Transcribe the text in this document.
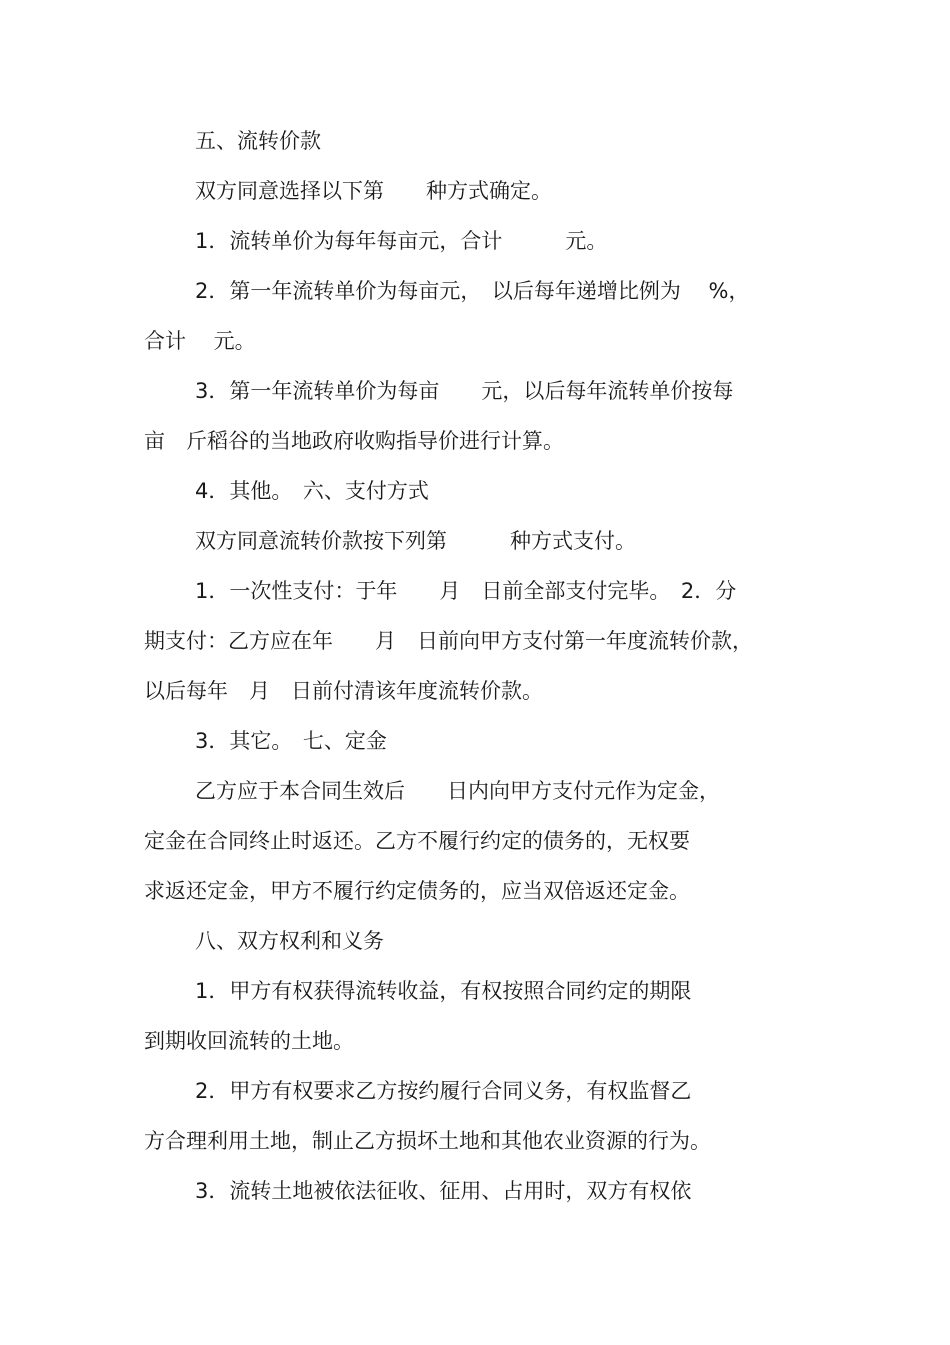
五、流转价款
双方同意选择以下第　　种方式确定。
1．流转单价为每年每亩元，合计　　　元。
2．第一年流转单价为每亩元，　以后每年递增比例为　 %，
合计　 元。
3．第一年流转单价为每亩　　元，以后每年流转单价按每
亩　斤稻谷的当地政府收购指导价进行计算。
4．其他。　六、支付方式
双方同意流转价款按下列第　　　种方式支付。
1．一次性支付：于年　　月　日前全部支付完毕。　2．分
期支付：乙方应在年　　月　日前向甲方支付第一年度流转价款，
以后每年　月　日前付清该年度流转价款。
3．其它。　七、定金
乙方应于本合同生效后　　日内向甲方支付元作为定金，
定金在合同终止时返还。乙方不履行约定的债务的，无权要
求返还定金，甲方不履行约定债务的，应当双倍返还定金。
八、双方权利和义务
1．甲方有权获得流转收益，有权按照合同约定的期限
到期收回流转的土地。
2．甲方有权要求乙方按约履行合同义务，有权监督乙
方合理利用土地，制止乙方损坏土地和其他农业资源的行为。
3．流转土地被依法征收、征用、占用时，双方有权依
